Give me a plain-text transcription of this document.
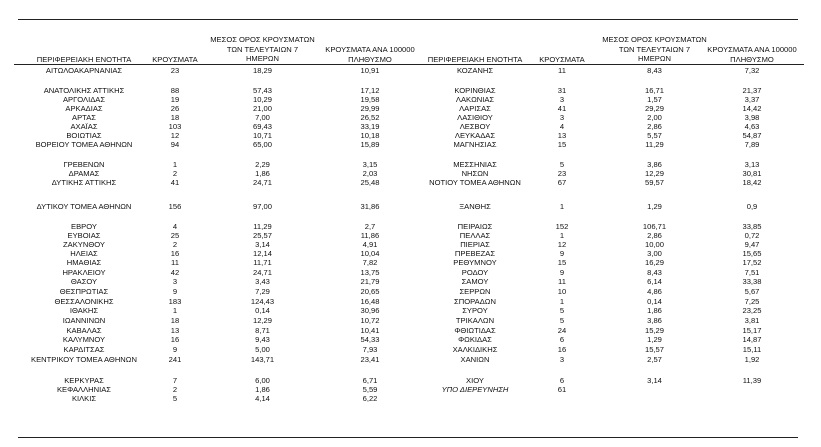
ΠΕΡΙΦΕΡΕΙΑΚΗ ΕΝΟΤΗΤΑ	ΚΡΟΥΣΜΑΤΑ
ΜΕΣΟΣ ΟΡΟΣ ΚΡΟΥΣΜΑΤΩΝ
ΤΩΝ ΤΕΛΕΥΤΑΙΩΝ 7
ΗΜΕΡΩΝ
ΚΡΟΥΣΜΑΤΑ ΑΝΑ 100000
ΠΛΗΘΥΣΜΟ	ΠΕΡΙΦΕΡΕΙΑΚΗ ΕΝΟΤΗΤΑ	ΚΡΟΥΣΜΑΤΑ
ΜΕΣΟΣ ΟΡΟΣ ΚΡΟΥΣΜΑΤΩΝ
ΤΩΝ ΤΕΛΕΥΤΑΙΩΝ 7
ΗΜΕΡΩΝ
ΚΡΟΥΣΜΑΤΑ ΑΝΑ 100000
ΠΛΗΘΥΣΜΟ
ΑΙΤΩΛΟΑΚΑΡΝΑΝΙΑΣ	23	18,29	10,91
ΑΝΑΤΟΛΙΚΗΣ ΑΤΤΙΚΗΣ	88	57,43	17,12
ΑΡΓΟΛΙΔΑΣ	19	10,29	19,58
ΑΡΚΑΔΙΑΣ	26	21,00	29,99
ΑΡΤΑΣ	18	7,00	26,52
ΑΧΑΪΑΣ	103	69,43	33,19
ΒΟΙΩΤΙΑΣ	12	10,71	10,18
ΒΟΡΕΙΟΥ ΤΟΜΕΑ ΑΘΗΝΩΝ	94	65,00	15,89
ΓΡΕΒΕΝΩΝ	1	2,29	3,15
ΔΡΑΜΑΣ	2	1,86	2,03
ΔΥΤΙΚΗΣ ΑΤΤΙΚΗΣ	41	24,71	25,48
ΔΥΤΙΚΟΥ ΤΟΜΕΑ ΑΘΗΝΩΝ	156	97,00	31,86
ΕΒΡΟΥ	4	11,29	2,7
ΕΥΒΟΙΑΣ	25	25,57	11,86
ΖΑΚΥΝΘΟΥ	2	3,14	4,91
ΗΛΕΙΑΣ	16	12,14	10,04
ΗΜΑΘΙΑΣ	11	11,71	7,82
ΗΡΑΚΛΕΙΟΥ	42	24,71	13,75
ΘΑΣΟΥ	3	3,43	21,79
ΘΕΣΠΡΩΤΙΑΣ	9	7,29	20,65
ΘΕΣΣΑΛΟΝΙΚΗΣ	183	124,43	16,48
ΙΘΑΚΗΣ	1	0,14	30,96
ΙΩΑΝΝΙΝΩΝ	18	12,29	10,72
ΚΑΒΑΛΑΣ	13	8,71	10,41
ΚΑΛΥΜΝΟΥ	16	9,43	54,33
ΚΑΡΔΙΤΣΑΣ	9	5,00	7,93
ΚΕΝΤΡΙΚΟΥ ΤΟΜΕΑ ΑΘΗΝΩΝ	241	143,71	23,41
ΚΕΡΚΥΡΑΣ	7	6,00	6,71
ΚΕΦΑΛΛΗΝΙΑΣ	2	1,86	5,59
ΚΙΛΚΙΣ	5	4,14	6,22
ΚΟΖΑΝΗΣ	11	8,43	7,32
ΚΟΡΙΝΘΙΑΣ	31	16,71	21,37
ΛΑΚΩΝΙΑΣ	3	1,57	3,37
ΛΑΡΙΣΑΣ	41	29,29	14,42
ΛΑΣΙΘΙΟΥ	3	2,00	3,98
ΛΕΣΒΟΥ	4	2,86	4,63
ΛΕΥΚΑΔΑΣ	13	5,57	54,87
ΜΑΓΝΗΣΙΑΣ	15	11,29	7,89
ΜΕΣΣΗΝΙΑΣ	5	3,86	3,13
ΝΗΣΩΝ	23	12,29	30,81
ΝΟΤΙΟΥ ΤΟΜΕΑ ΑΘΗΝΩΝ	67	59,57	18,42
ΞΑΝΘΗΣ	1	1,29	0,9
ΠΕΙΡΑΙΩΣ	152	106,71	33,85
ΠΕΛΛΑΣ	1	2,86	0,72
ΠΙΕΡΙΑΣ	12	10,00	9,47
ΠΡΕΒΕΖΑΣ	9	3,00	15,65
ΡΕΘΥΜΝΟΥ	15	16,29	17,52
ΡΟΔΟΥ	9	8,43	7,51
ΣΑΜΟΥ	11	6,14	33,38
ΣΕΡΡΩΝ	10	4,86	5,67
ΣΠΟΡΑΔΩΝ	1	0,14	7,25
ΣΥΡΟΥ	5	1,86	23,25
ΤΡΙΚΑΛΩΝ	5	3,86	3,81
ΦΘΙΩΤΙΔΑΣ	24	15,29	15,17
ΦΩΚΙΔΑΣ	6	1,29	14,87
ΧΑΛΚΙΔΙΚΗΣ	16	15,57	15,11
ΧΑΝΙΩΝ	3	2,57	1,92
ΧΙΟΥ	6	3,14	11,39
ΥΠΟ ΔΙΕΡΕΥΝΗΣΗ	61
